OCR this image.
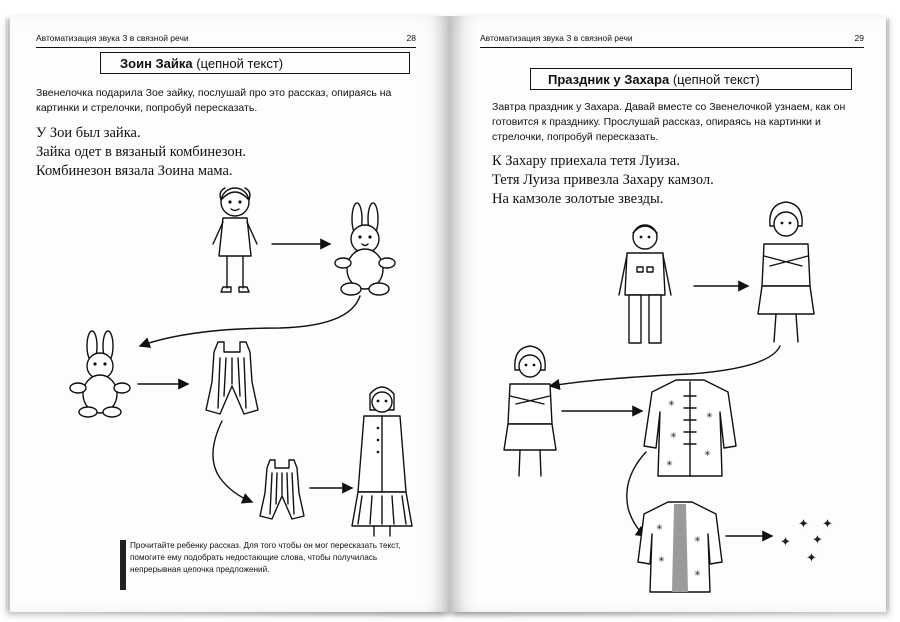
Автоматизация звука З в связной речи	28
Зоин Зайка (цепной текст)
Звенелочка подарила Зое зайку, послушай про это рассказ, опираясь на картинки и стрелочки, попробуй пересказать.
У Зои был зайка.
Зайка одет в вязаный комбинезон.
Комбинезон вязала Зоина мама.
Прочитайте ребенку рассказ. Для того чтобы он мог пересказать текст, помогите ему подобрать недостающие слова, чтобы получилась непрерывная цепочка предложений.
Автоматизация звука З в связной речи	29
Праздник у Захара (цепной текст)
Завтра праздник у Захара. Давай вместе со Звенелочкой узнаем, как он готовится к празднику. Прослушай рассказ, опираясь на картинки и стрелочки, попробуй пересказать.
К Захару приехала тетя Луиза.
Тетя Луиза привезла Захару камзол.
На камзоле золотые звезды.
✳
✳
✳
✳
✳
✳
✳
✳
✳
✦
✦
✦
✦
✦
